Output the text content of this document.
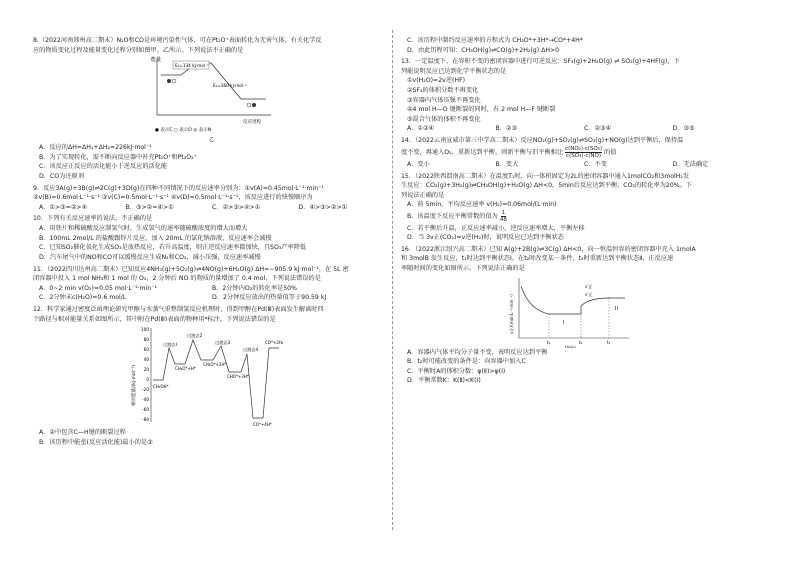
8.（2022河南郑州高二期末）N₂O和CO是环境污染性气体，可在Pt₂O⁺表面转化为无害气体，有关化学反
应的物质变化过程及能量变化过程分别如图甲、乙所示。下列说法不正确的是
能量
E₁=134 kJ·mol⁻¹
E₂=360 kJ·mol⁻¹
反应进程
● 表示C ○ 表示O ◎ 表示N
乙
A．反应的ΔH=ΔH₁+ΔH₂=226kJ·mol⁻¹
B．为了实现转化，需不断向反应器中补充Pt₂O⁺和Pt₂O₂⁺
C．该反应正反应的活化能小于逆反应的活化能
D．CO为还原剂
9．反应3A(g)+3B(g)⇌2C(g)+3D(g)在四种不同情况下的反应速率分别为：①v(A)=0.45mol·L⁻¹·min⁻¹
②v(B)=0.6mol·L⁻¹·s⁻¹ ③v(C)=0.5mol·L⁻¹·s⁻¹ ④v(D)=0.5mol·L⁻¹·s⁻¹，该反应进行的快慢顺序为
A．①>③=②>④	B．③>②=④>①	C．②>③>④>①	D．④>③>②>①
10．下列有关反应速率的说法，不正确的是
A．用铁片和稀硫酸反应制氢气时，生成氢气的速率随硫酸浓度的增大而增大
B．100mL 2mol/L 的盐酸跟锌片反应，加入 20mL 的氯化钠溶液，反应速率会减慢
C．已知SO₂催化氧化生成SO₃是放热反应，若升高温度，则正逆反应速率都加快，且SO₃产率降低
D．汽车尾气中的NO和CO可以缓慢反应生成N₂和CO₂，减小压强，反应速率减慢
11．（2022四川达州高二期末）已知反应4NH₃(g)+5O₂(g)⇌4NO(g)+6H₂O(g) ΔH=−905.9 kJ·mol⁻¹，在 5L 密
闭容器中投入 1 mol NH₃和 1 mol 的 O₂，2 分钟后 NO 的物质的量增加了 0.4 mol，下列说法错误的是
A．0~2 min v(O₂)=0.05 mol·L⁻¹·min⁻¹	B．2分钟内O₂的转化率是50%
C．2分钟末c(H₂O)=0.6 mol/L	D．2分钟反应放出的热量值等于90.59 kJ
12．科学家通过密度泛函理论研究甲醇与水蒸气重整制氢反应机理时，得到甲醇在Pd(Ⅲ)表面发生解离时四
个路径与相对能量关系如图所示，其中附在Pd(Ⅲ)表面的物种用*标注。下列说法错误的是
相对能量/(kJ·mol⁻¹)
100
80
60
40
20
0
-20
-40
-60
-80
过渡态Ⅰ
过渡态2
过渡态3
过渡态4
CH₃OH*
CH₃O*+H*
CH₂O*+2H*
CHO*+3H*
CO*+4H*
CO*+2H₂
A．②中包含C—H键的断裂过程
B．该历程中能垒(反应活化能)最小的是③
C．该历程中制约反应速率的方程式为 CH₃O*+3H*→CO*+4H*
D．由此历程可知：CH₃OH(g)⇌CO(g)+2H₂(g) ΔH>0
13．一定温度下，在容积不变的密闭容器中进行可逆反应：SF₄(g)+2H₂O(g) ⇌ SO₂(g)+4HF(g)，下
列能说明反应已达到化学平衡状态的是
①v(H₂O)=2v逆(HF)
②SF₄的体积分数不再变化
③容器内气体压强不再变化
④4 mol H—O 键断裂的同时，有 2 mol H—F 键断裂
⑤混合气体的体积不再变化
A．①②④	B．②③	C．②③④	D．③⑤
14．（2022云南宣威市第三中学高二期末）反应NO₂(g)+SO₂(g)⇌SO₃(g)+NO(g)达到平衡后，保持温
度不变，再通入O₂，重新达到平衡，则新平衡与旧平衡相比 $\frac{\text{c(NO₂)·c(SO₂)}}{\text{c(SO₃)·c(NO)}}$ 的值
A．变小	B．变大	C．不变	D．无法确定
15．（2022陕西渭南高二期末）在温度T₁时，向一体积固定为2L的密闭容器中通入1molCO₂和3molH₂发
生反应：CO₂(g)+3H₂(g)⇌CH₃OH(g)+H₂O(g) ΔH<0，5min后反应达到平衡，CO₂的转化率为20%。下
列说法正确的是
A．前 5min，平均反应速率 v(H₂)=0.06mol/(L·min)
B．该温度下反应平衡常数的值为 $\frac{1}{48}$
C．若平衡后升温，正反应速率减小，逆反应速率增大，平衡左移
D．当 3v正(CO₂)=v逆(H₂)时，说明反应已达到平衡状态
16．（2022浙江绍兴高二期末）已知 A(g)+2B(g)⇌3C(g) ΔH<0，向一恒温恒容的密闭容器中充入 1molA
和 3molB 发生反应，t₁时达到平衡状态Ⅰ，在t₂时改变某一条件，t₃时重新达到平衡状态Ⅱ，正反应速
率随时间的变化如图所示。下列说法正确的是
v正/(mol·L⁻¹·min⁻¹)	I
II
v'正
v'正
t₁	t₂	t₃
t/min
A．容器内气体平均分子量不变，表明反应达到平衡
B．t₂时可能改变的条件是：向容器中加入C
C．平衡时A的体积分数：φ(Ⅱ)>φ(Ⅰ)
D．平衡常数K：K(Ⅱ)<K(Ⅰ)
